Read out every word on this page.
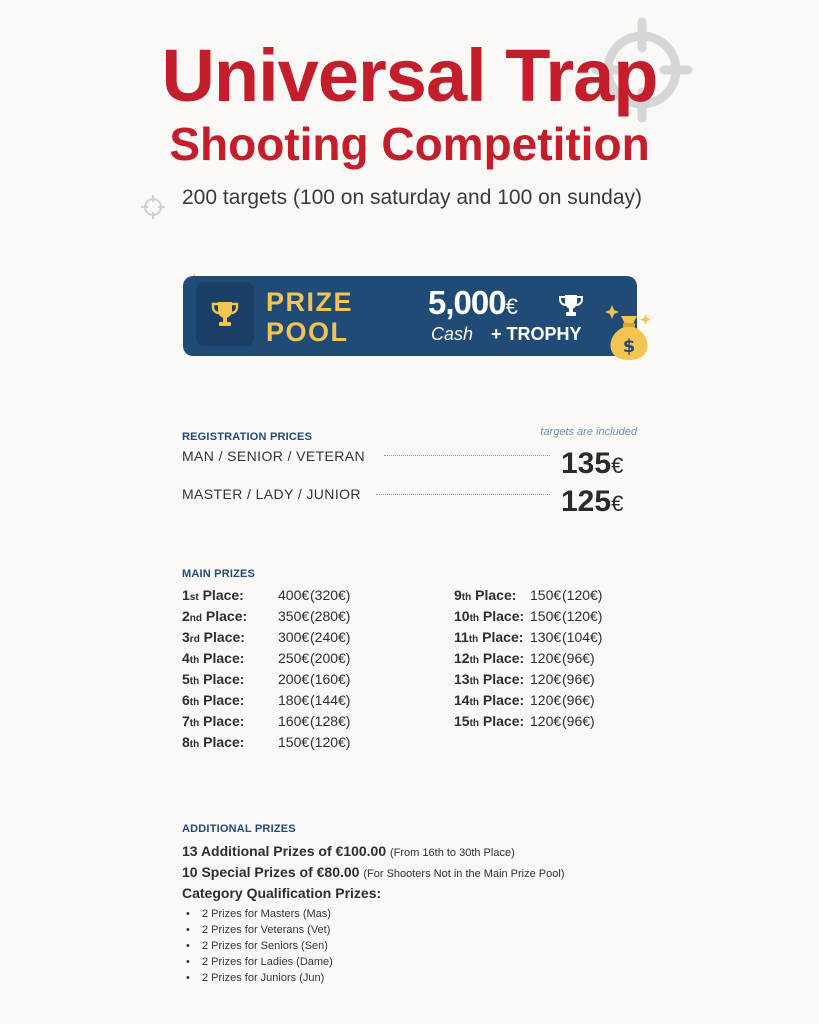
Universal Trap
Shooting Competition
200 targets (100 on saturday and 100 on sunday)
PRIZE
POOL
5,000€
Cash + TROPHY
$
REGISTRATION PRICES	targets are included
MAN / SENIOR / VETERAN	135€
MASTER / LADY / JUNIOR	125€
MAIN PRIZES
1st Place: 400€ (320€)
2nd Place: 350€ (280€)
3rd Place: 300€ (240€)
4th Place: 250€ (200€)
5th Place: 200€ (160€)
6th Place: 180€ (144€)
7th Place: 160€ (128€)
8th Place: 150€ (120€)
9th Place: 150€ (120€)
10th Place: 150€ (120€)
11th Place: 130€ (104€)
12th Place: 120€ (96€)
13th Place: 120€ (96€)
14th Place: 120€ (96€)
15th Place: 120€ (96€)
ADDITIONAL PRIZES
13 Additional Prizes of €100.00 (From 16th to 30th Place)
10 Special Prizes of €80.00 (For Shooters Not in the Main Prize Pool)
Category Qualification Prizes:
• 2 Prizes for Masters (Mas)
• 2 Prizes for Veterans (Vet)
• 2 Prizes for Seniors (Sen)
• 2 Prizes for Ladies (Dame)
• 2 Prizes for Juniors (Jun)
